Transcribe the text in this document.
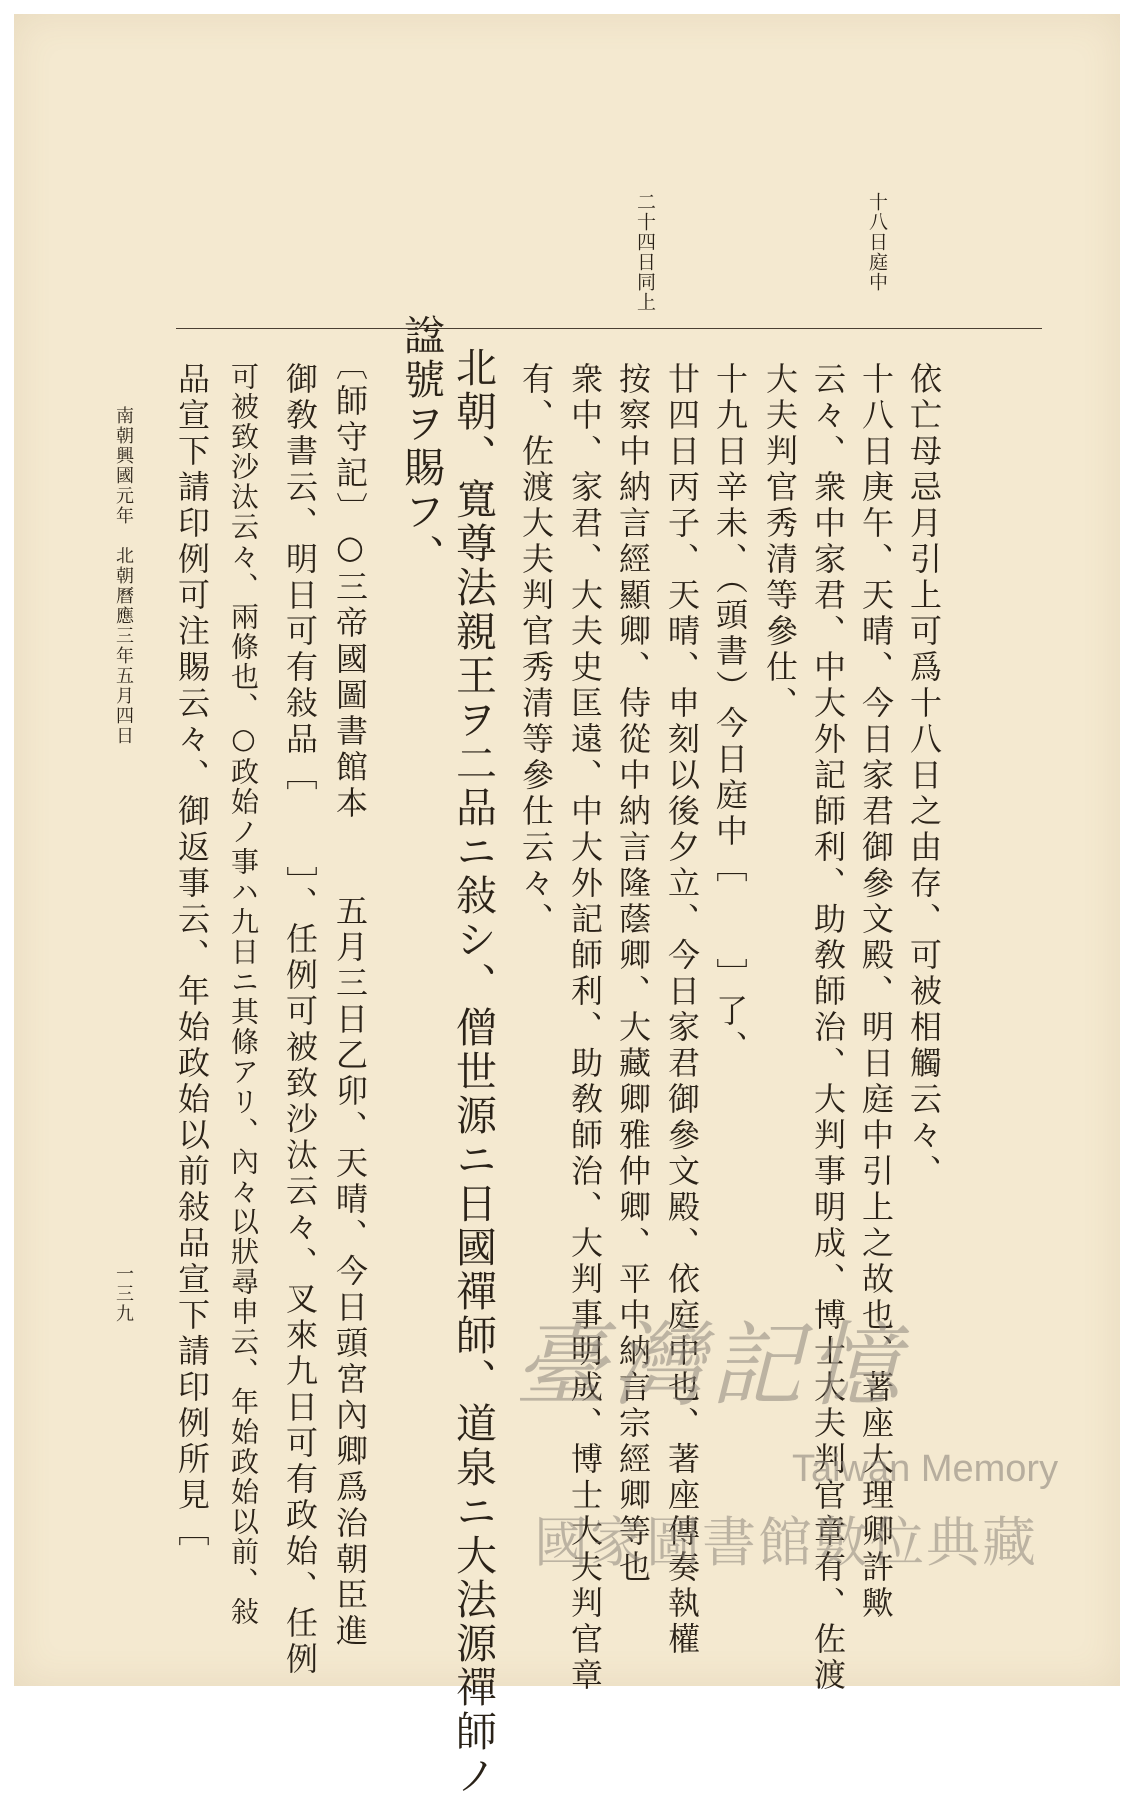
十八日庭中
二十四日同上
依亡母忌月引上可爲十八日之由存、可被相觸云々、
十八日庚午、天晴、今日家君御參文殿、明日庭中引上之故也、著座大理卿許歟
云々、衆中家君、中大外記師利、助敎師治、大判事明成、博士大夫判官章有、佐渡
大夫判官秀清等參仕、
十九日辛未、（頭書）今日庭中［　　］了、
廿四日丙子、天晴、申刻以後夕立、今日家君御參文殿、依庭中也、著座傳奏執權
按察中納言經顯卿、侍從中納言隆蔭卿、大藏卿雅仲卿、平中納言宗經卿等也
衆中、家君、大夫史匡遠、中大外記師利、助敎師治、大判事明成、博士大夫判官章
有、佐渡大夫判官秀清等參仕云々、
北朝、寬尊法親王ヲ二品ニ敍シ、僧世源ニ日國禪師、道泉ニ大法源禪師ノ
諡號ヲ賜フ、
〔師守記〕○三帝國圖書館本　　五月三日乙卯、天晴、今日頭宮內卿爲治朝臣進
御敎書云、明日可有敍品［　　］、任例可被致沙汰云々、叉來九日可有政始、任例
可被致沙汰云々、兩條也、○政始ノ事ハ九日ニ其條アリ、內々以狀尋申云、年始政始以前、敍
品宣下請印例可注賜云々、御返事云、年始政始以前敍品宣下請印例所見［
南朝興國元年　北朝曆應三年五月四日
一三九
臺灣記憶
Taiwan Memory
國家圖書館數位典藏
